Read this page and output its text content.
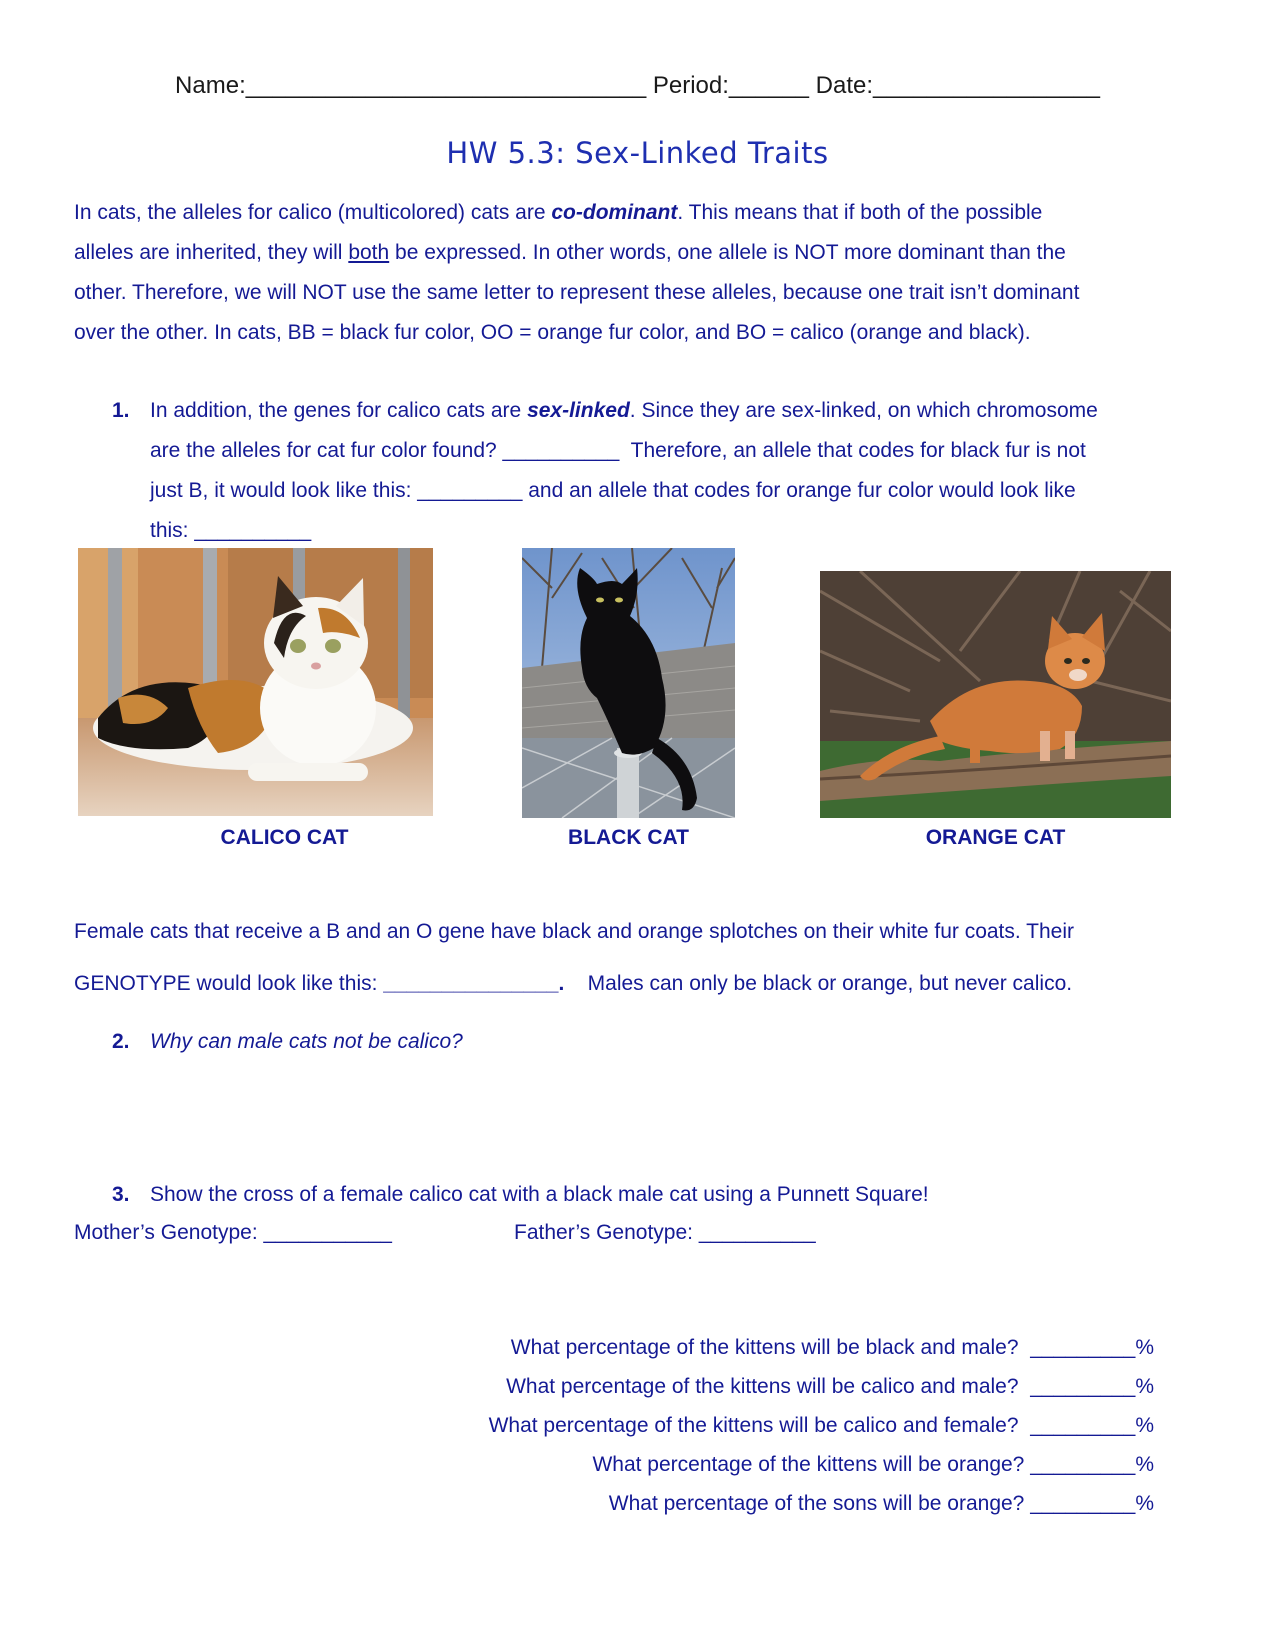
Name:______________________________ Period:______ Date:_________________
HW 5.3: Sex-Linked Traits
In cats, the alleles for calico (multicolored) cats are co-dominant. This means that if both of the possible
alleles are inherited, they will both be expressed. In other words, one allele is NOT more dominant than the
other. Therefore, we will NOT use the same letter to represent these alleles, because one trait isn’t dominant
over the other. In cats, BB = black fur color, OO = orange fur color, and BO = calico (orange and black).
1. In addition, the genes for calico cats are sex-linked. Since they are sex-linked, on which chromosome
are the alleles for cat fur color found? __________  Therefore, an allele that codes for black fur is not
just B, it would look like this: _________ and an allele that codes for orange fur color would look like
this: __________
CALICO CAT	BLACK CAT	ORANGE CAT
Female cats that receive a B and an O gene have black and orange splotches on their white fur coats. Their
GENOTYPE would look like this: _______________.    Males can only be black or orange, but never calico.
2. Why can male cats not be calico?
3. Show the cross of a female calico cat with a black male cat using a Punnett Square!
Mother’s Genotype: ___________	Father’s Genotype: __________
What percentage of the kittens will be black and male?  _________%
What percentage of the kittens will be calico and male?  _________%
What percentage of the kittens will be calico and female?  _________%
What percentage of the kittens will be orange? _________%
What percentage of the sons will be orange? _________%
